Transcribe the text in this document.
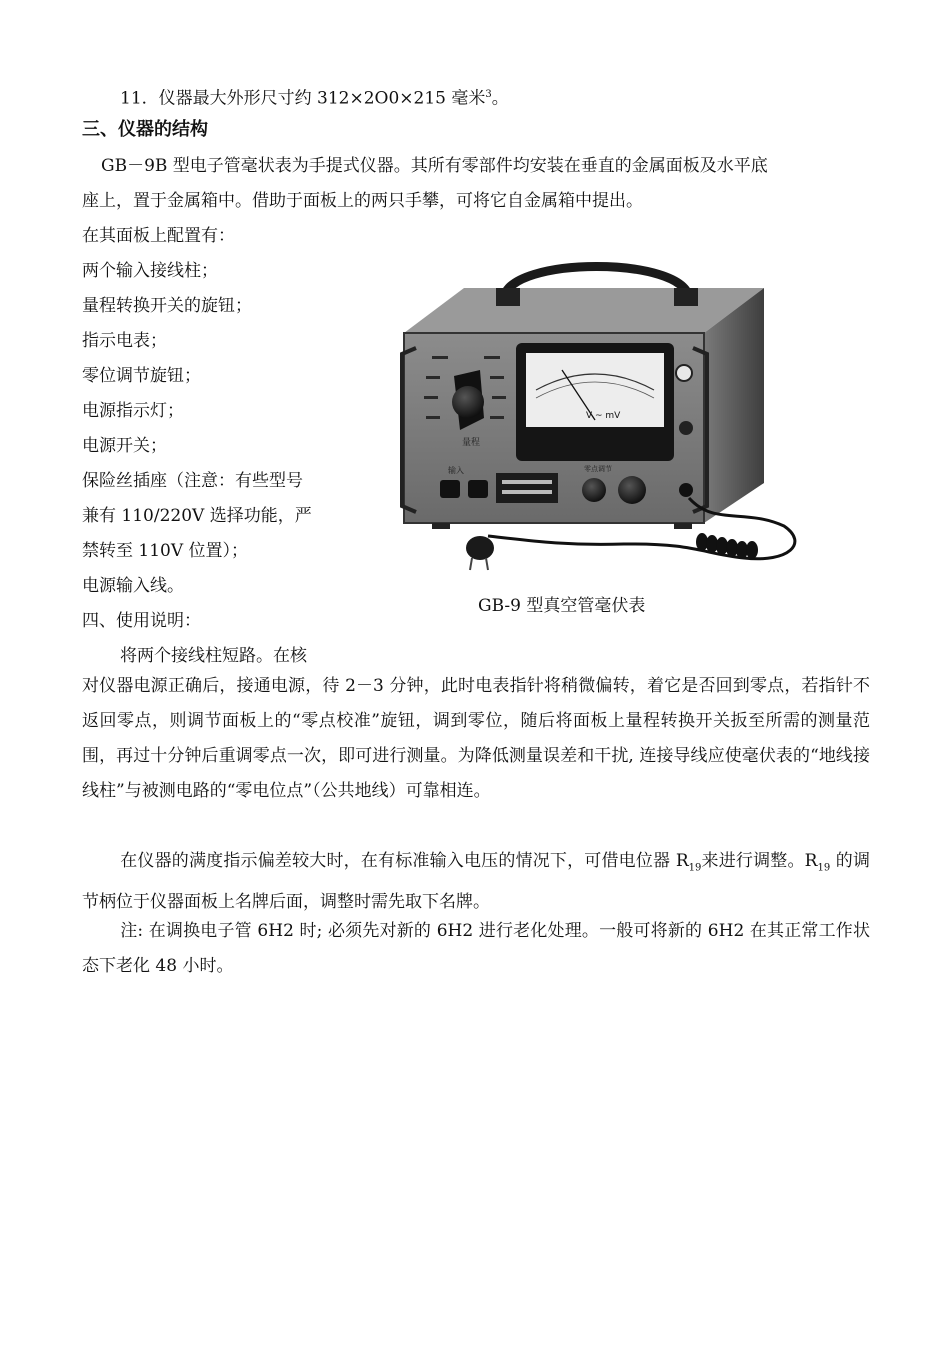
11．仪器最大外形尺寸约 312×2O0×215 毫米$^3$。
三、仪器的结构
GB－9B 型电子管毫状表为手提式仪器。其所有零部件均安装在垂直的金属面板及水平底
座上，置于金属箱中。借助于面板上的两只手攀，可将它自金属箱中提出。
在其面板上配置有：
两个输入接线柱；
量程转换开关的旋钮；
指示电表；
零位调节旋钮；
电源指示灯；
电源开关；
保险丝插座（注意：有些型号
兼有 110/220V 选择功能，严
禁转至 110V 位置）；
电源输入线。
四、使用说明：
将两个接线柱短路。在核
量程
V ~ mV
输入	零点调节
GB-9 型真空管毫伏表
对仪器电源正确后，接通电源，待 2－3 分钟，此时电表指针将稍微偏转，着它是否回到零点，若指针不返回零点，则调节面板上的“零点校准”旋钮，调到零位，随后将面板上量程转换开关扳至所需的测量范围，再过十分钟后重调零点一次，即可进行测量。为降低测量误差和干扰, 连接导线应使毫伏表的“地线接线柱”与被测电路的“零电位点”（公共地线）可靠相连。
在仪器的满度指示偏差较大时，在有标准输入电压的情况下，可借电位器 $R_{19}$来进行调整。$R_{19}$ 的调节柄位于仪器面板上名牌后面，调整时需先取下名牌。
注: 在调换电子管 6H2 时; 必须先对新的 6H2 进行老化处理。一般可将新的 6H2 在其正常工作状态下老化 48 小时。
